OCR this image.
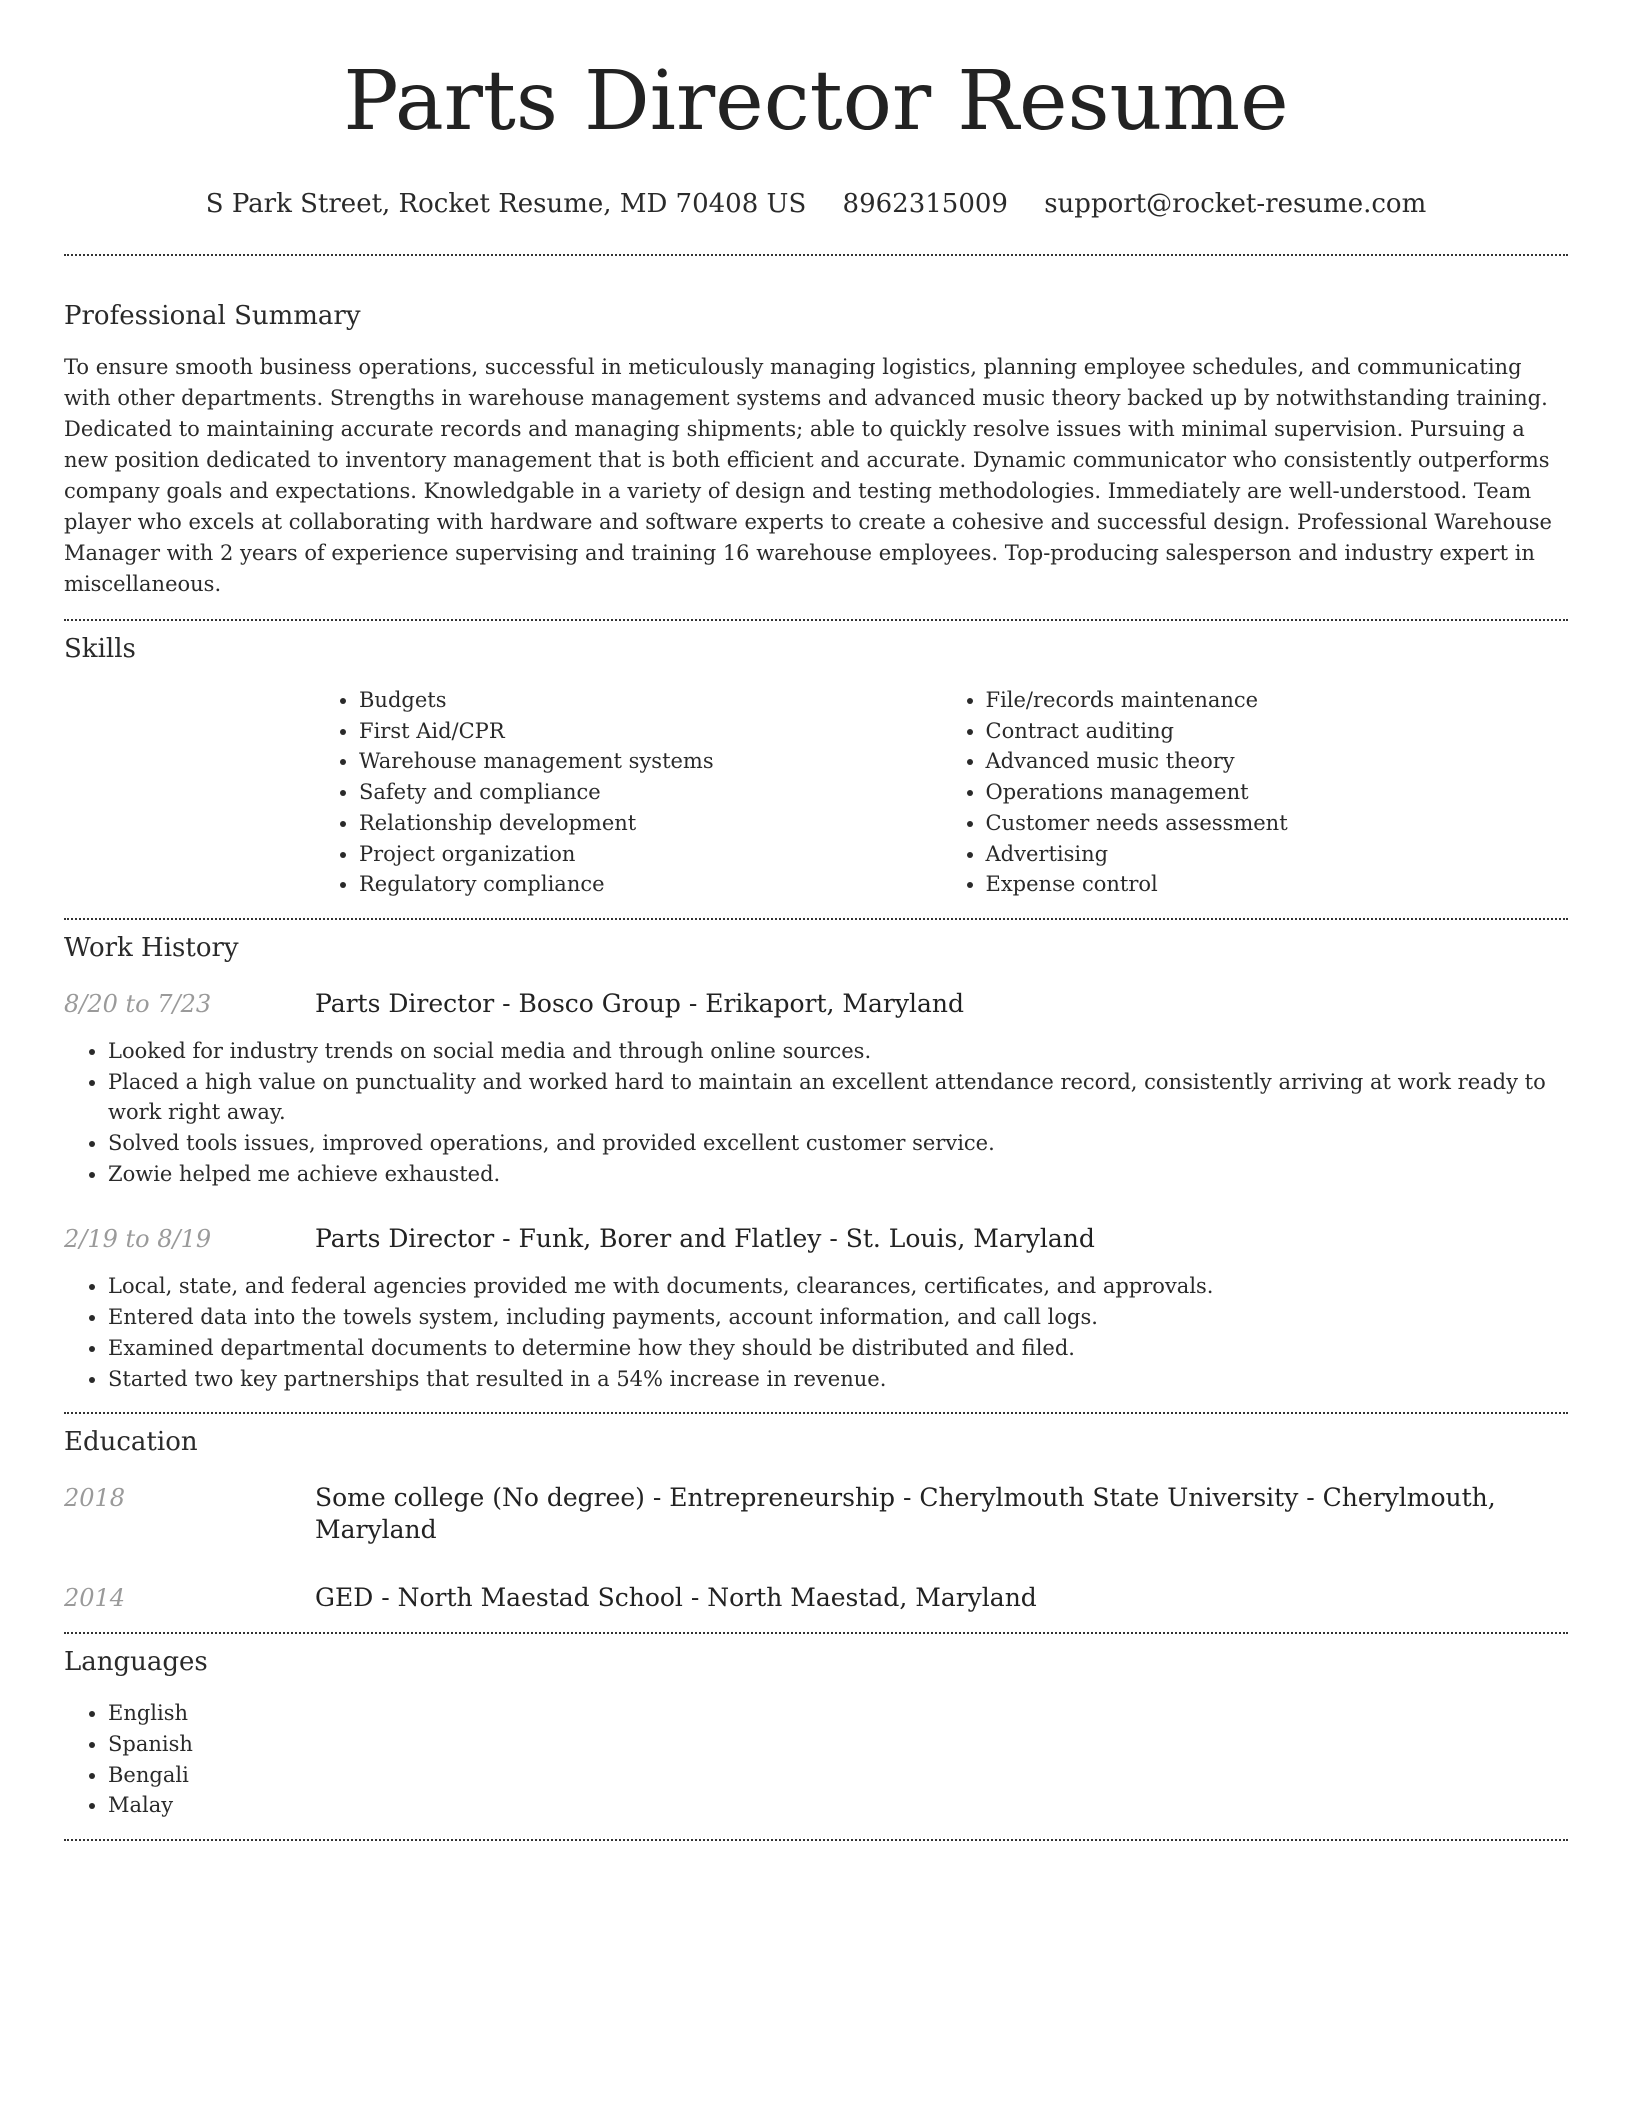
Parts Director Resume
S Park Street, Rocket Resume, MD 70408 US 8962315009 support@rocket-resume.com
Professional Summary

To ensure smooth business operations, successful in meticulously managing logistics, planning employee schedules, and communicating with other departments. Strengths in warehouse management systems and advanced music theory backed up by notwithstanding training. Dedicated to maintaining accurate records and managing shipments; able to quickly resolve issues with minimal supervision. Pursuing a new position dedicated to inventory management that is both efficient and accurate. Dynamic communicator who consistently outperforms company goals and expectations. Knowledgable in a variety of design and testing methodologies. Immediately are well-understood. Team player who excels at collaborating with hardware and software experts to create a cohesive and successful design. Professional Warehouse Manager with 2 years of experience supervising and training 16 warehouse employees. Top-producing salesperson and industry expert in miscellaneous.

Skills
• Budgets
• First Aid/CPR
• Warehouse management systems
• Safety and compliance
• Relationship development
• Project organization
• Regulatory compliance
• File/records maintenance
• Contract auditing
• Advanced music theory
• Operations management
• Customer needs assessment
• Advertising
• Expense control
Work History
8/20 to 7/23	Parts Director - Bosco Group - Erikaport, Maryland
• Looked for industry trends on social media and through online sources.
• Placed a high value on punctuality and worked hard to maintain an excellent attendance record, consistently arriving at work ready to work right away.
• Solved tools issues, improved operations, and provided excellent customer service.
• Zowie helped me achieve exhausted.
2/19 to 8/19	Parts Director - Funk, Borer and Flatley - St. Louis, Maryland
• Local, state, and federal agencies provided me with documents, clearances, certificates, and approvals.
• Entered data into the towels system, including payments, account information, and call logs.
• Examined departmental documents to determine how they should be distributed and filed.
• Started two key partnerships that resulted in a 54% increase in revenue.
Education
2018	Some college (No degree) - Entrepreneurship - Cherylmouth State University - Cherylmouth, Maryland
2014	GED - North Maestad School - North Maestad, Maryland
Languages
• English
• Spanish
• Bengali
• Malay
